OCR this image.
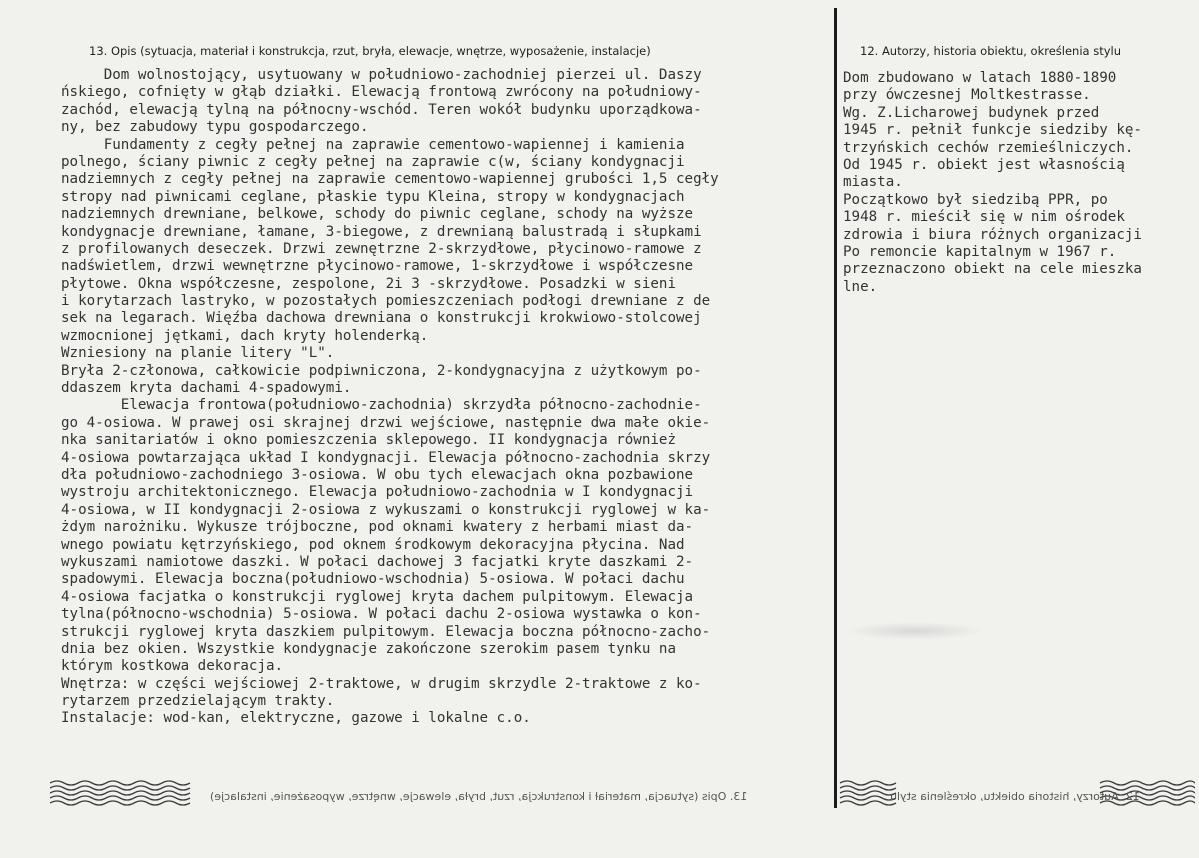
13. Opis (sytuacja, materiał i konstrukcja, rzut, bryła, elewacje, wnętrze, wyposażenie, instalacje)	12. Autorzy, historia obiektu, określenia stylu
Dom wolnostojący, usytuowany w południowo-zachodniej pierzei ul. Daszy
ńskiego, cofnięty w głąb działki. Elewacją frontową zwrócony na południowy-
zachód, elewacją tylną na północny-wschód. Teren wokół budynku uporządkowa-
ny, bez zabudowy typu gospodarczego.
Fundamenty z cegły pełnej na zaprawie cementowo-wapiennej i kamienia
polnego, ściany piwnic z cegły pełnej na zaprawie c(w, ściany kondygnacji
nadziemnych z cegły pełnej na zaprawie cementowo-wapiennej grubości 1,5 cegły
stropy nad piwnicami ceglane, płaskie typu Kleina, stropy w kondygnacjach
nadziemnych drewniane, belkowe, schody do piwnic ceglane, schody na wyższe
kondygnacje drewniane, łamane, 3-biegowe, z drewnianą balustradą i słupkami
z profilowanych deseczek. Drzwi zewnętrzne 2-skrzydłowe, płycinowo-ramowe z
nadświetlem, drzwi wewnętrzne płycinowo-ramowe, 1-skrzydłowe i współczesne
płytowe. Okna współczesne, zespolone, 2i 3 -skrzydłowe. Posadzki w sieni
i korytarzach lastryko, w pozostałych pomieszczeniach podłogi drewniane z de
sek na legarach. Więźba dachowa drewniana o konstrukcji krokwiowo-stolcowej
wzmocnionej jętkami, dach kryty holenderką.
Wzniesiony na planie litery "L".
Bryła 2-członowa, całkowicie podpiwniczona, 2-kondygnacyjna z użytkowym po-
ddaszem kryta dachami 4-spadowymi.
Elewacja frontowa(południowo-zachodnia) skrzydła północno-zachodnie-
go 4-osiowa. W prawej osi skrajnej drzwi wejściowe, następnie dwa małe okie-
nka sanitariatów i okno pomieszczenia sklepowego. II kondygnacja również
4-osiowa powtarzająca układ I kondygnacji. Elewacja północno-zachodnia skrzy
dła południowo-zachodniego 3-osiowa. W obu tych elewacjach okna pozbawione
wystroju architektonicznego. Elewacja południowo-zachodnia w I kondygnacji
4-osiowa, w II kondygnacji 2-osiowa z wykuszami o konstrukcji ryglowej w ka-
żdym narożniku. Wykusze trójboczne, pod oknami kwatery z herbami miast da-
wnego powiatu kętrzyńskiego, pod oknem środkowym dekoracyjna płycina. Nad
wykuszami namiotowe daszki. W połaci dachowej 3 facjatki kryte daszkami 2-
spadowymi. Elewacja boczna(południowo-wschodnia) 5-osiowa. W połaci dachu
4-osiowa facjatka o konstrukcji ryglowej kryta dachem pulpitowym. Elewacja
tylna(północno-wschodnia) 5-osiowa. W połaci dachu 2-osiowa wystawka o kon-
strukcji ryglowej kryta daszkiem pulpitowym. Elewacja boczna północno-zacho-
dnia bez okien. Wszystkie kondygnacje zakończone szerokim pasem tynku na
którym kostkowa dekoracja.
Wnętrza: w części wejściowej 2-traktowe, w drugim skrzydle 2-traktowe z ko-
rytarzem przedzielającym trakty.
Instalacje: wod-kan, elektryczne, gazowe i lokalne c.o.
Dom zbudowano w latach 1880-1890
przy ówczesnej Moltkestrasse.
Wg. Z.Licharowej budynek przed
1945 r. pełnił funkcje siedziby kę-
trzyńskich cechów rzemieślniczych.
Od 1945 r. obiekt jest własnością
miasta.
Początkowo był siedzibą PPR, po
1948 r. mieścił się w nim ośrodek
zdrowia i biura różnych organizacji
Po remoncie kapitalnym w 1967 r.
przeznaczono obiekt na cele mieszka
lne.
13. Opis (sytuacja, materiał i konstrukcja, rzut, bryła, elewacje, wnętrze, wyposażenie, instalacje)	12. Autorzy, historia obiektu, określenia stylu
